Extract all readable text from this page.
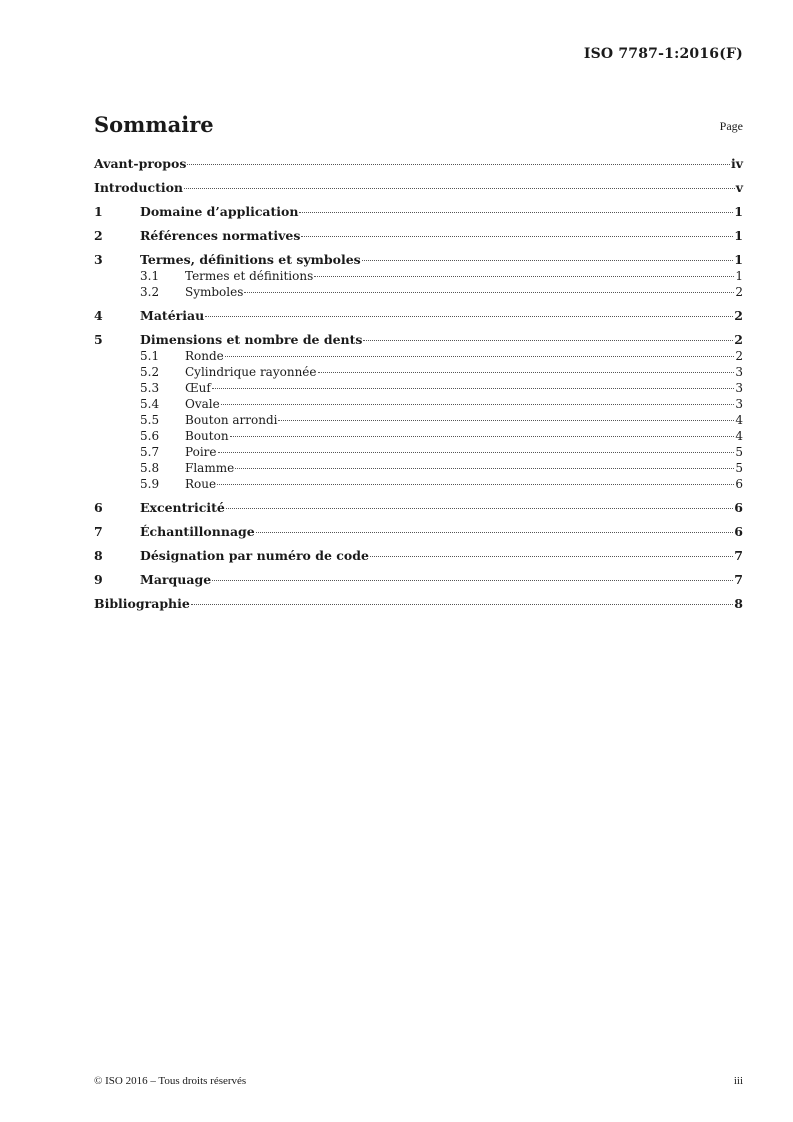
ISO 7787-1:2016(F)
Sommaire	Page
Avant-propos	iv
Introduction	v
1	Domaine d’application	1
2	Références normatives	1
3	Termes, définitions et symboles	1
3.1	Termes et définitions	1
3.2	Symboles	2
4	Matériau	2
5	Dimensions et nombre de dents	2
5.1	Ronde	2
5.2	Cylindrique rayonnée	3
5.3	Œuf	3
5.4	Ovale	3
5.5	Bouton arrondi	4
5.6	Bouton	4
5.7	Poire	5
5.8	Flamme	5
5.9	Roue	6
6	Excentricité	6
7	Échantillonnage	6
8	Désignation par numéro de code	7
9	Marquage	7
Bibliographie	8
© ISO 2016 – Tous droits réservés	iii
